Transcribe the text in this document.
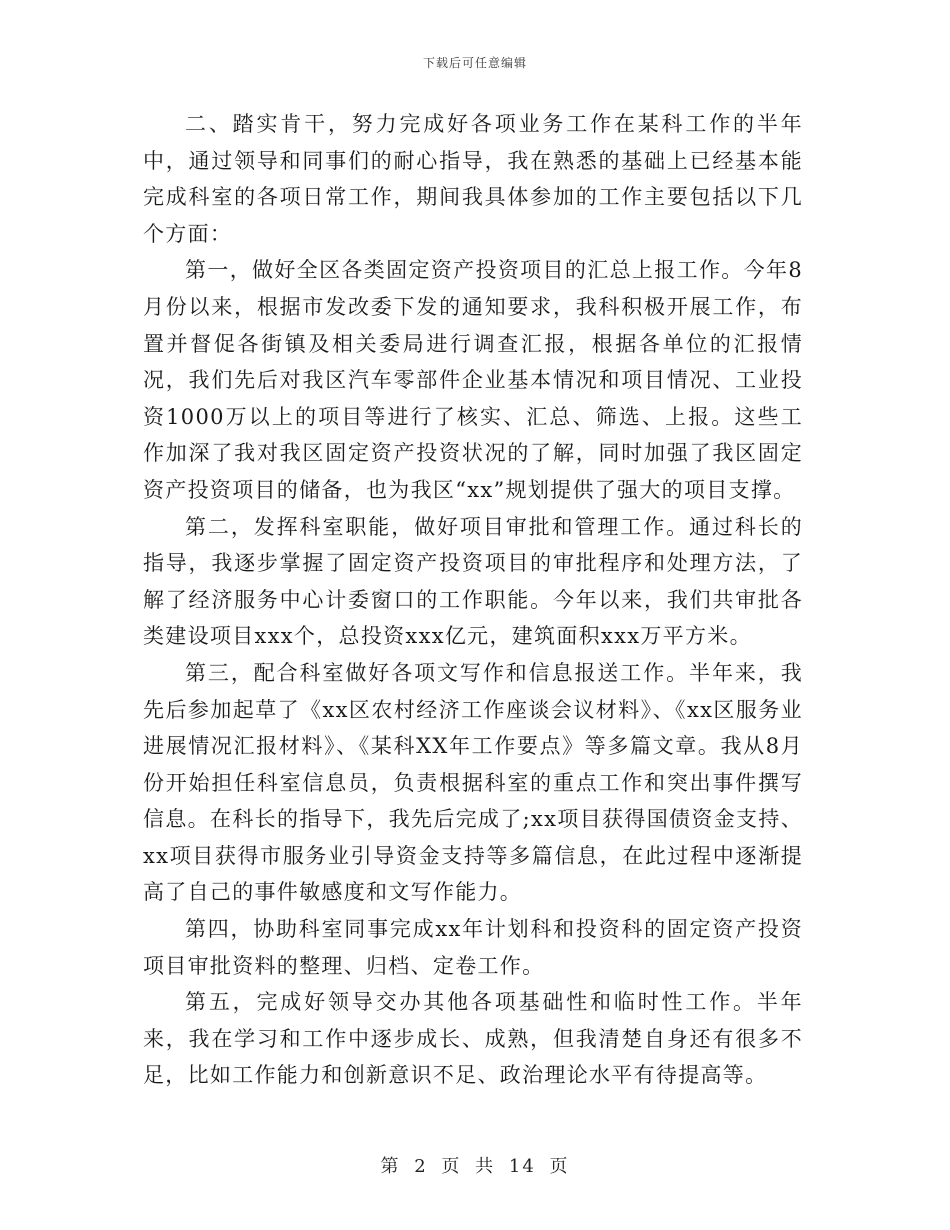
下载后可任意编辑

二、踏实肯干，努力完成好各项业务工作在某科工作的半年中，通过领导和同事们的耐心指导，我在熟悉的基础上已经基本能完成科室的各项日常工作，期间我具体参加的工作主要包括以下几个方面：

第一，做好全区各类固定资产投资项目的汇总上报工作。今年8月份以来，根据市发改委下发的通知要求，我科积极开展工作，布置并督促各街镇及相关委局进行调查汇报，根据各单位的汇报情况，我们先后对我区汽车零部件企业基本情况和项目情况、工业投资1000万以上的项目等进行了核实、汇总、筛选、上报。这些工作加深了我对我区固定资产投资状况的了解，同时加强了我区固定资产投资项目的储备，也为我区“xx”规划提供了强大的项目支撑。

第二，发挥科室职能，做好项目审批和管理工作。通过科长的指导，我逐步掌握了固定资产投资项目的审批程序和处理方法，了解了经济服务中心计委窗口的工作职能。今年以来，我们共审批各类建设项目xxx个，总投资xxx亿元，建筑面积xxx万平方米。

第三，配合科室做好各项文写作和信息报送工作。半年来，我先后参加起草了《xx区农村经济工作座谈会议材料》、《xx区服务业进展情况汇报材料》、《某科XX年工作要点》等多篇文章。我从8月份开始担任科室信息员，负责根据科室的重点工作和突出事件撰写信息。在科长的指导下，我先后完成了;xx项目获得国债资金支持、xx项目获得市服务业引导资金支持等多篇信息，在此过程中逐渐提高了自己的事件敏感度和文写作能力。

第四，协助科室同事完成xx年计划科和投资科的固定资产投资项目审批资料的整理、归档、定卷工作。

第五，完成好领导交办其他各项基础性和临时性工作。半年来，我在学习和工作中逐步成长、成熟，但我清楚自身还有很多不足，比如工作能力和创新意识不足、政治理论水平有待提高等。

第 2 页 共 14 页
